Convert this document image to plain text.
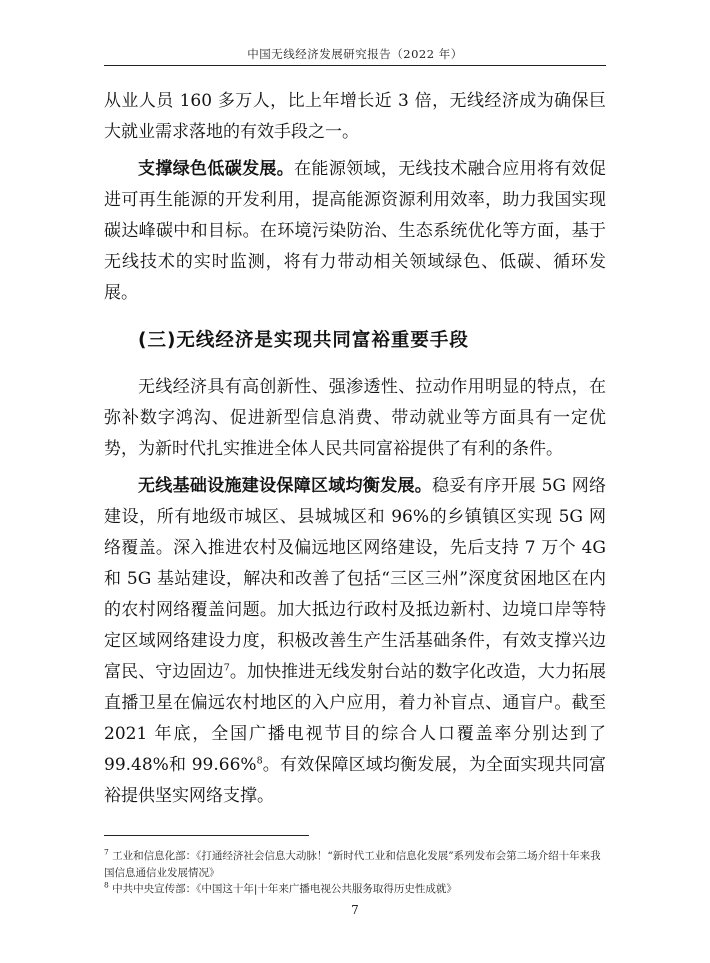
中国无线经济发展研究报告（2022 年）

从业人员 160 多万人，比上年增长近 3 倍，无线经济成为确保巨大就业需求落地的有效手段之一。

支撑绿色低碳发展。在能源领域，无线技术融合应用将有效促进可再生能源的开发利用，提高能源资源利用效率，助力我国实现碳达峰碳中和目标。在环境污染防治、生态系统优化等方面，基于无线技术的实时监测，将有力带动相关领域绿色、低碳、循环发展。

(三)无线经济是实现共同富裕重要手段

无线经济具有高创新性、强渗透性、拉动作用明显的特点，在弥补数字鸿沟、促进新型信息消费、带动就业等方面具有一定优势，为新时代扎实推进全体人民共同富裕提供了有利的条件。

无线基础设施建设保障区域均衡发展。稳妥有序开展 5G 网络建设，所有地级市城区、县城城区和 96%的乡镇镇区实现 5G 网络覆盖。深入推进农村及偏远地区网络建设，先后支持 7 万个 4G 和 5G 基站建设，解决和改善了包括“三区三州”深度贫困地区在内的农村网络覆盖问题。加大抵边行政村及抵边新村、边境口岸等特定区域网络建设力度，积极改善生产生活基础条件，有效支撑兴边富民、守边固边$^7$。加快推进无线发射台站的数字化改造，大力拓展直播卫星在偏远农村地区的入户应用，着力补盲点、通盲户。截至 2021 年底，全国广播电视节目的综合人口覆盖率分别达到了 99.48%和 99.66%$^8$。有效保障区域均衡发展，为全面实现共同富裕提供坚实网络支撑。

$^7$ 工业和信息化部：《打通经济社会信息大动脉！“新时代工业和信息化发展”系列发布会第二场介绍十年来我国信息通信业发展情况》

$^8$ 中共中央宣传部：《中国这十年|十年来广播电视公共服务取得历史性成就》

7
